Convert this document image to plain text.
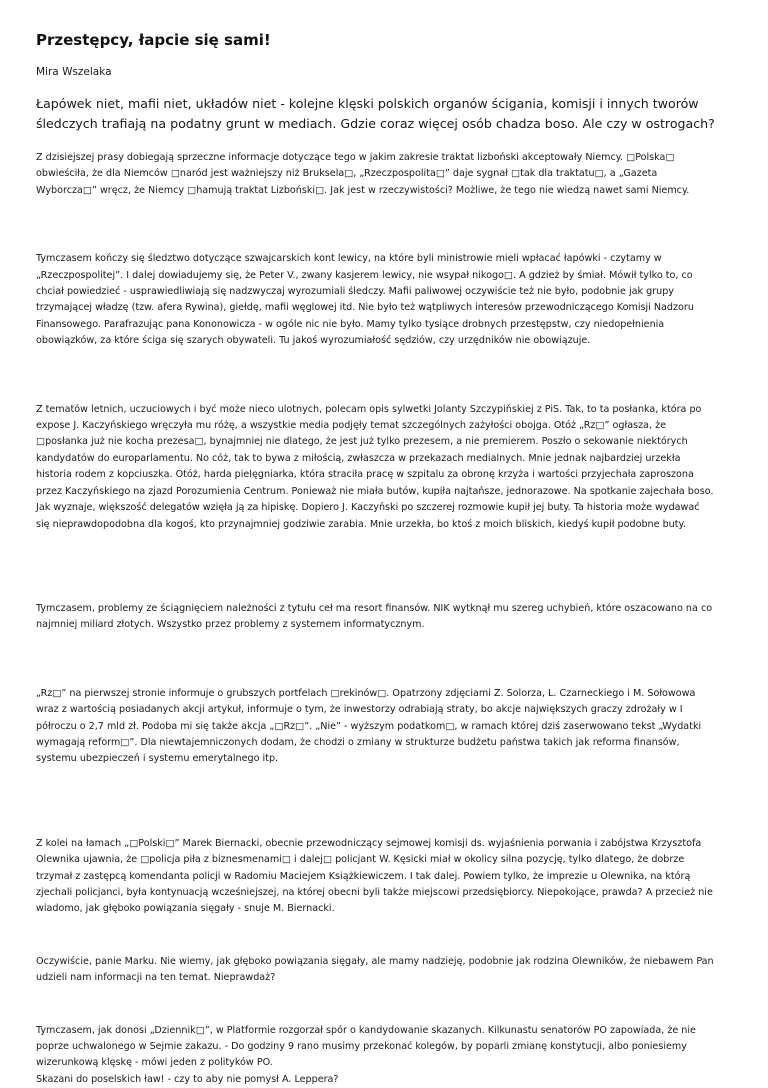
Przestępcy, łapcie się sami!
Mira Wszelaka
Łapówek niet, mafii niet, układów niet - kolejne klęski polskich organów ścigania, komisji i innych tworów
śledczych trafiają na podatny grunt w mediach. Gdzie coraz więcej osób chadza boso. Ale czy w ostrogach?

Z dzisiejszej prasy dobiegają sprzeczne informacje dotyczące tego w jakim zakresie traktat lizboński akceptowały Niemcy. □Polska□
obwieściła, że dla Niemców □naród jest ważniejszy niż Bruksela□, „Rzeczpospolita□” daje sygnał □tak dla traktatu□, a „Gazeta
Wyborcza□” wręcz, że Niemcy □hamują traktat Lizboński□. Jak jest w rzeczywistości? Możliwe, że tego nie wiedzą nawet sami Niemcy.

Tymczasem kończy się śledztwo dotyczące szwajcarskich kont lewicy, na które byli ministrowie mieli wpłacać łapówki - czytamy w
„Rzeczpospolitej”. I dalej dowiadujemy się, że Peter V., zwany kasjerem lewicy, nie wsypał nikogo□. A gdzież by śmiał. Mówił tylko to, co
chciał powiedzieć - usprawiedliwiają się nadzwyczaj wyrozumiali śledczy. Mafii paliwowej oczywiście też nie było, podobnie jak grupy
trzymającej władzę (tzw. afera Rywina), giełdę, mafii węglowej itd. Nie było też wątpliwych interesów przewodniczącego Komisji Nadzoru
Finansowego. Parafrazując pana Kononowicza - w ogóle nic nie było. Mamy tylko tysiące drobnych przestępstw, czy niedopełnienia
obowiązków, za które ściga się szarych obywateli. Tu jakoś wyrozumiałość sędziów, czy urzędników nie obowiązuje.

Z tematów letnich, uczuciowych i być może nieco ulotnych, polecam opis sylwetki Jolanty Szczypińskiej z PiS. Tak, to ta posłanka, która po
expose J. Kaczyńskiego wręczyła mu różę, a wszystkie media podjęły temat szczególnych zażyłości obojga. Otóż „Rz□” ogłasza, że
□posłanka już nie kocha prezesa□, bynajmniej nie dlatego, że jest już tylko prezesem, a nie premierem. Poszło o sekowanie niektórych
kandydatów do europarlamentu. No cóż, tak to bywa z miłością, zwłaszcza w przekazach medialnych. Mnie jednak najbardziej urzekła
historia rodem z kopciuszka. Otóż, harda pielęgniarka, która straciła pracę w szpitalu za obronę krzyża i wartości przyjechała zaproszona
przez Kaczyńskiego na zjazd Porozumienia Centrum. Ponieważ nie miała butów, kupiła najtańsze, jednorazowe. Na spotkanie zajechała boso.
Jak wyznaje, większość delegatów wzięła ją za hipiskę. Dopiero J. Kaczyński po szczerej rozmowie kupił jej buty. Ta historia może wydawać
się nieprawdopodobna dla kogoś, kto przynajmniej godziwie zarabia. Mnie urzekła, bo ktoś z moich bliskich, kiedyś kupił podobne buty.

Tymczasem, problemy ze ściągnięciem należności z tytułu ceł ma resort finansów. NIK wytknął mu szereg uchybień, które oszacowano na co
najmniej miliard złotych. Wszystko przez problemy z systemem informatycznym.

„Rz□” na pierwszej stronie informuje o grubszych portfelach □rekinów□. Opatrzony zdjęciami Z. Solorza, L. Czarneckiego i M. Sołowowa
wraz z wartością posiadanych akcji artykuł, informuje o tym, że inwestorzy odrabiają straty, bo akcje największych graczy zdrożały w I
półroczu o 2,7 mld zł. Podoba mi się także akcja „□Rz□”. „Nie” - wyższym podatkom□, w ramach której dziś zaserwowano tekst „Wydatki
wymagają reform□”. Dla niewtajemniczonych dodam, że chodzi o zmiany w strukturze budżetu państwa takich jak reforma finansów,
systemu ubezpieczeń i systemu emerytalnego itp.

Z kolei na łamach „□Polski□” Marek Biernacki, obecnie przewodniczący sejmowej komisji ds. wyjaśnienia porwania i zabójstwa Krzysztofa
Olewnika ujawnia, że □policja piła z biznesmenami□ i dalej□ policjant W. Kęsicki miał w okolicy silna pozycję, tylko dlatego, że dobrze
trzymał z zastępcą komendanta policji w Radomiu Maciejem Książkiewiczem. I tak dalej. Powiem tylko, że imprezie u Olewnika, na którą
zjechali policjanci, była kontynuacją wcześniejszej, na której obecni byli także miejscowi przedsiębiorcy. Niepokojące, prawda? A przecież nie
wiadomo, jak głęboko powiązania sięgały - snuje M. Biernacki.

Oczywiście, panie Marku. Nie wiemy, jak głęboko powiązania sięgały, ale mamy nadzieję, podobnie jak rodzina Olewników, że niebawem Pan
udzieli nam informacji na ten temat. Nieprawdaż?

Tymczasem, jak donosi „Dziennik□”, w Platformie rozgorzał spór o kandydowanie skazanych. Kilkunastu senatorów PO zapowiada, że nie
poprze uchwalonego w Sejmie zakazu. - Do godziny 9 rano musimy przekonać kolegów, by poparli zmianę konstytucji, albo poniesiemy
wizerunkową klęskę - mówi jeden z polityków PO.
Skazani do poselskich ław! - czy to aby nie pomysł A. Leppera?
